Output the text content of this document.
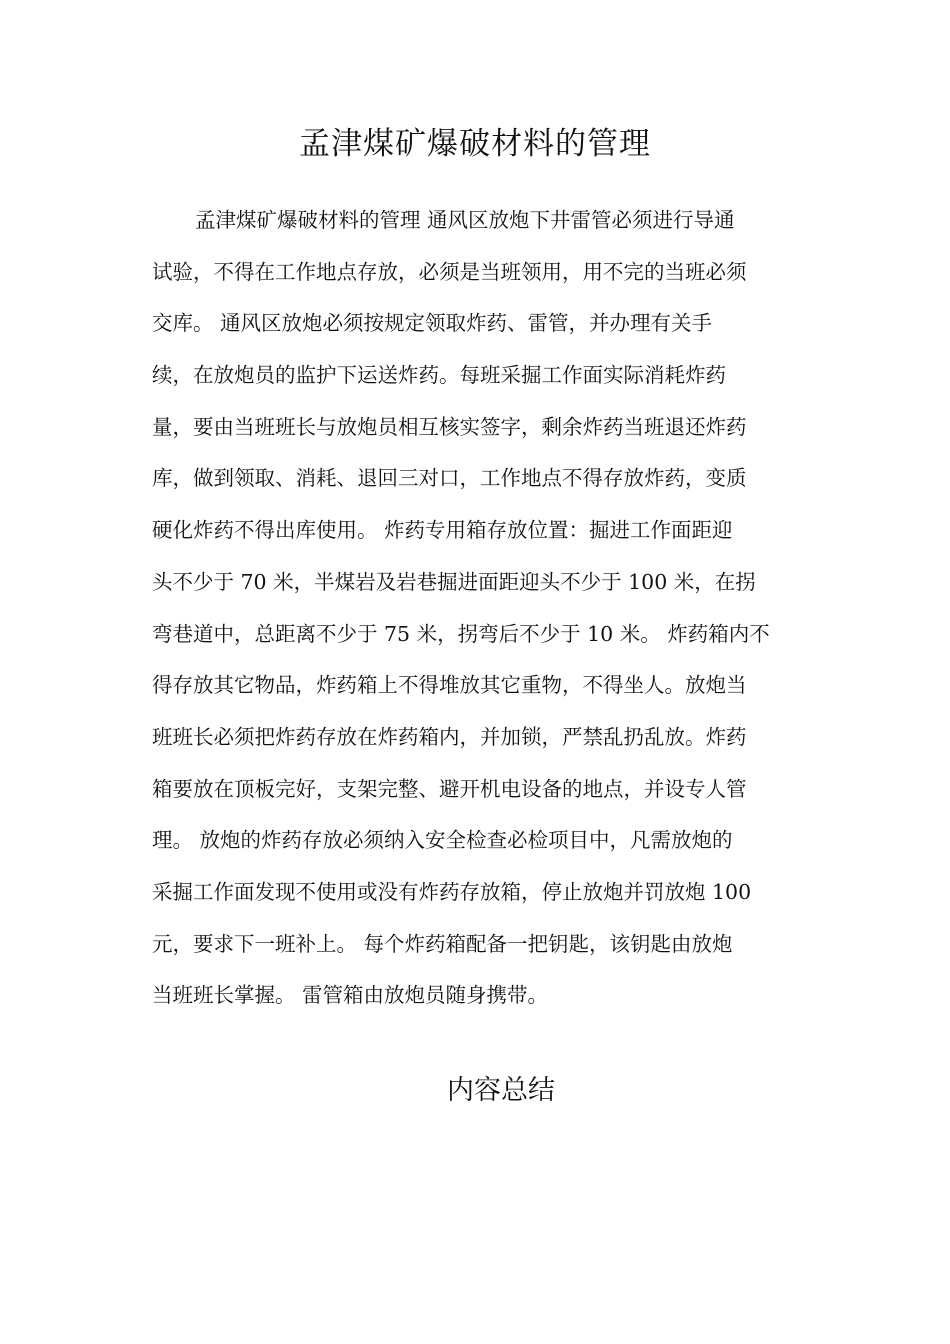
孟津煤矿爆破材料的管理
孟津煤矿爆破材料的管理 通风区放炮下井雷管必须进行导通
试验，不得在工作地点存放，必须是当班领用，用不完的当班必须
交库。 通风区放炮必须按规定领取炸药、雷管，并办理有关手
续，在放炮员的监护下运送炸药。每班采掘工作面实际消耗炸药
量，要由当班班长与放炮员相互核实签字，剩余炸药当班退还炸药
库，做到领取、消耗、退回三对口，工作地点不得存放炸药，变质
硬化炸药不得出库使用。 炸药专用箱存放位置：掘进工作面距迎
头不少于 70 米，半煤岩及岩巷掘进面距迎头不少于 100 米，在拐
弯巷道中，总距离不少于 75 米，拐弯后不少于 10 米。 炸药箱内不
得存放其它物品，炸药箱上不得堆放其它重物，不得坐人。放炮当
班班长必须把炸药存放在炸药箱内，并加锁，严禁乱扔乱放。炸药
箱要放在顶板完好，支架完整、避开机电设备的地点，并设专人管
理。 放炮的炸药存放必须纳入安全检查必检项目中，凡需放炮的
采掘工作面发现不使用或没有炸药存放箱，停止放炮并罚放炮 100
元，要求下一班补上。 每个炸药箱配备一把钥匙，该钥匙由放炮
当班班长掌握。 雷管箱由放炮员随身携带。
内容总结
